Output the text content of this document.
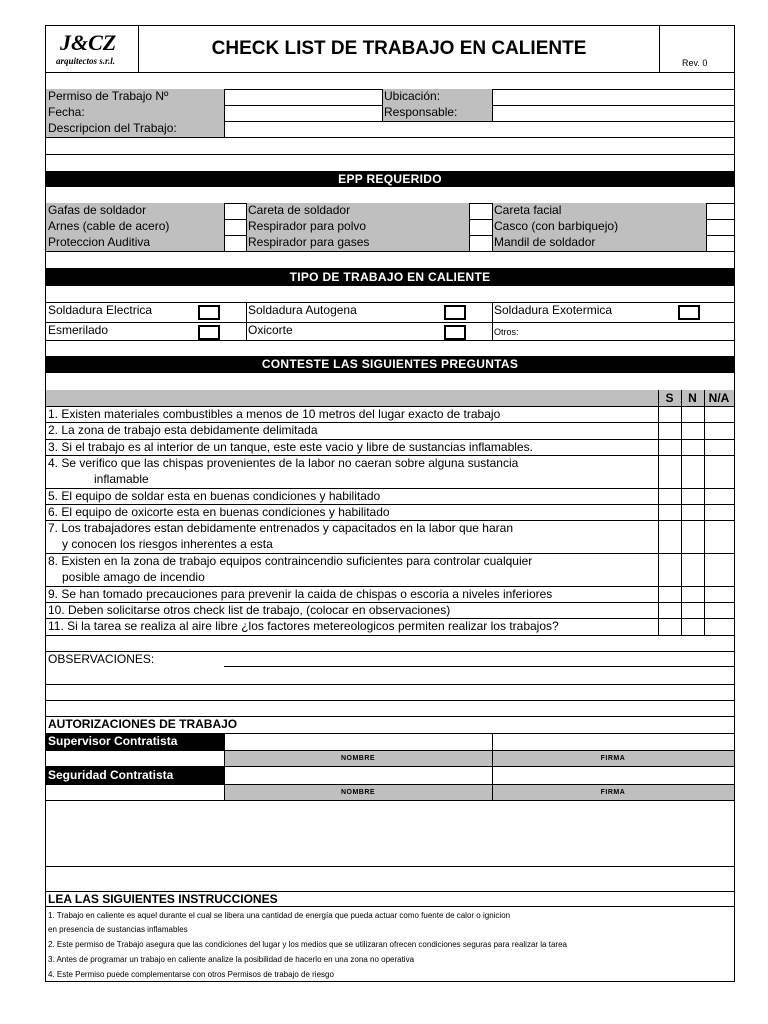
J&CZ
arquitectos s.r.l.
CHECK LIST DE TRABAJO EN CALIENTE
Rev. 0
Permiso de Trabajo Nº	Ubicación:
Fecha:	Responsable:
Descripcion del Trabajo:
EPP REQUERIDO
Gafas de soldador	Careta de soldador	Careta facial
Arnes (cable de acero)	Respirador para polvo	Casco (con barbiquejo)
Proteccion Auditiva	Respirador para gases	Mandil de soldador
TIPO DE TRABAJO EN CALIENTE
Soldadura Electrica	Soldadura Autogena	Soldadura Exotermica
Esmerilado	Oxicorte	Otros:
CONTESTE LAS SIGUIENTES PREGUNTAS
S	N N/A
1. Existen materiales combustibles a menos de 10 metros del lugar exacto de trabajo
2. La zona de trabajo esta debidamente delimitada
3. Si el trabajo es al interior de un tanque, este este vacio y libre de sustancias inflamables.
4. Se verifico que las chispas provenientes de la labor no caeran sobre alguna sustancia
inflamable
5. El equipo de soldar esta en buenas condiciones y habilitado
6. El equipo de oxicorte esta en buenas condiciones y habilitado
7. Los trabajadores estan debidamente entrenados y capacitados en la labor que haran
y conocen los riesgos inherentes a esta
8. Existen en la zona de trabajo equipos contraincendio suficientes para controlar cualquier
posible amago de incendio
9. Se han tomado precauciones para prevenir la caida de chispas o escoria a niveles inferiores
10. Deben solicitarse otros check list de trabajo, (colocar en observaciones)
11. Si la tarea se realiza al aire libre ¿los factores metereologicos permiten realizar los trabajos?
OBSERVACIONES:
AUTORIZACIONES DE TRABAJO
Supervisor Contratista
NOMBRE	FIRMA
Seguridad Contratista
NOMBRE	FIRMA
LEA LAS SIGUIENTES INSTRUCCIONES
1. Trabajo en caliente es aquel durante el cual se libera una cantidad de energía que pueda actuar como fuente de calor o ignicion
en presencia de sustancias inflamables
2. Este permiso de Trabajo asegura que las condiciones del lugar y los medios que se utilizaran ofrecen condiciones seguras para realizar la tarea
3. Antes de programar un trabajo en caliente analize la posibilidad de hacerlo en una zona no operativa
4. Este Permiso puede complementarse con otros Permisos de trabajo de riesgo
